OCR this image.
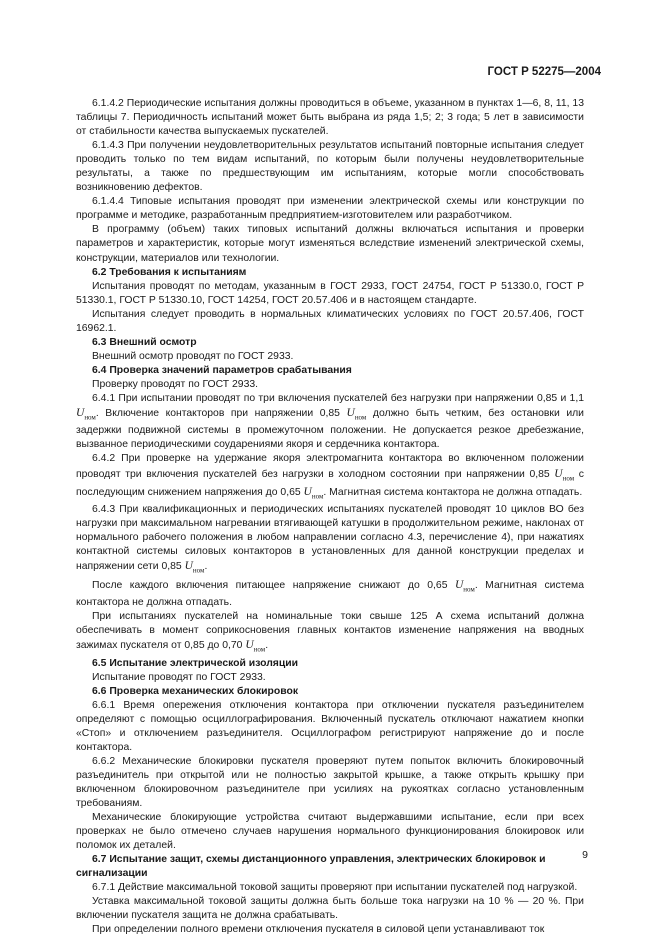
ГОСТ Р 52275—2004

6.1.4.2 Периодические испытания должны проводиться в объеме, указанном в пунктах 1—6, 8, 11, 13 таблицы 7. Периодичность испытаний может быть выбрана из ряда 1,5; 2; 3 года; 5 лет в зависимости от стабильности качества выпускаемых пускателей.

6.1.4.3 При получении неудовлетворительных результатов испытаний повторные испытания следует проводить только по тем видам испытаний, по которым были получены неудовлетворительные результаты, а также по предшествующим им испытаниям, которые могли способствовать возникновению дефектов.

6.1.4.4 Типовые испытания проводят при изменении электрической схемы или конструкции по программе и методике, разработанным предприятием-изготовителем или разработчиком.

В программу (объем) таких типовых испытаний должны включаться испытания и проверки параметров и характеристик, которые могут изменяться вследствие изменений электрической схемы, конструкции, материалов или технологии.

6.2 Требования к испытаниям

Испытания проводят по методам, указанным в ГОСТ 2933, ГОСТ 24754, ГОСТ Р 51330.0, ГОСТ Р 51330.1, ГОСТ Р 51330.10, ГОСТ 14254, ГОСТ 20.57.406 и в настоящем стандарте.

Испытания следует проводить в нормальных климатических условиях по ГОСТ 20.57.406, ГОСТ 16962.1.

6.3 Внешний осмотр

Внешний осмотр проводят по ГОСТ 2933.

6.4 Проверка значений параметров срабатывания

Проверку проводят по ГОСТ 2933.

6.4.1 При испытании проводят по три включения пускателей без нагрузки при напряжении 0,85 и 1,1 $U_{ном}$. Включение контакторов при напряжении 0,85 $U_{ном}$ должно быть четким, без остановки или задержки подвижной системы в промежуточном положении. Не допускается резкое дребезжание, вызванное периодическими соударениями якоря и сердечника контактора.

6.4.2 При проверке на удержание якоря электромагнита контактора во включенном положении проводят три включения пускателей без нагрузки в холодном состоянии при напряжении 0,85 $U_{ном}$ с последующим снижением напряжения до 0,65 $U_{ном}$. Магнитная система контактора не должна отпадать.

6.4.3 При квалификационных и периодических испытаниях пускателей проводят 10 циклов ВО без нагрузки при максимальном нагревании втягивающей катушки в продолжительном режиме, наклонах от нормального рабочего положения в любом направлении согласно 4.3, перечисление 4), при нажатиях контактной системы силовых контакторов в установленных для данной конструкции пределах и напряжении сети 0,85 $U_{ном}$.

После каждого включения питающее напряжение снижают до 0,65 $U_{ном}$. Магнитная система контактора не должна отпадать.

При испытаниях пускателей на номинальные токи свыше 125 А схема испытаний должна обеспечивать в момент соприкосновения главных контактов изменение напряжения на вводных зажимах пускателя от 0,85 до 0,70 $U_{ном}$.

6.5 Испытание электрической изоляции

Испытание проводят по ГОСТ 2933.

6.6 Проверка механических блокировок

6.6.1 Время опережения отключения контактора при отключении пускателя разъединителем определяют с помощью осциллографирования. Включенный пускатель отключают нажатием кнопки «Стоп» и отключением разъединителя. Осциллографом регистрируют напряжение до и после контактора.

6.6.2 Механические блокировки пускателя проверяют путем попыток включить блокировочный разъединитель при открытой или не полностью закрытой крышке, а также открыть крышку при включенном блокировочном разъединителе при усилиях на рукоятках согласно установленным требованиям.

Механические блокирующие устройства считают выдержавшими испытание, если при всех проверках не было отмечено случаев нарушения нормального функционирования блокировок или поломок их деталей.

6.7 Испытание защит, схемы дистанционного управления, электрических блокировок и сигнализации

6.7.1 Действие максимальной токовой защиты проверяют при испытании пускателей под нагрузкой.

Уставка максимальной токовой защиты должна быть больше тока нагрузки на 10 % — 20 %. При включении пускателя защита не должна срабатывать.

При определении полного времени отключения пускателя в силовой цепи устанавливают ток

9
